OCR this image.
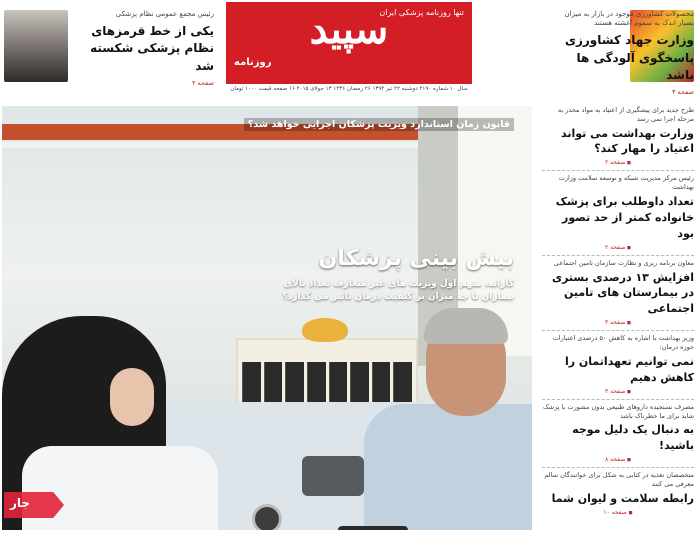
محصولات کشاورزی موجود در بازار به میزان بسیار اندک به سموم آغشته هستند
وزارت جهاد کشاورزی پاسخگوی آلودگی ها باشد
صفحه ۳
تنها روزنامه پزشکی ایران
سپید
روزنامه
سال ۱۰ شماره ۲۱۹۰ دوشنبه ۲۲ تیر ۱۳۹۴ ۲۶ رمضان ۱۴۳۶ ۱۳ جولای ۲۰۱۵ ۱۶ صفحه قیمت ۱۰۰۰ تومان
رئیس مجمع عمومی نظام پزشکی
یکی از خط قرمزهای نظام پزشکی شکسته شد
صفحه ۴
قانون زمان استاندارد ویزیت پزشکان اجرایی خواهد شد؟
بیش بینی پزشکان
کارانه، متهم اول ویزیت های غیر متعارف تعداد بالای بیماران تا چه میزان بر کیفیت درمان تاثیر می گذارد؟
جار
طرح جدید برای پیشگیری از اعتیاد به مواد مخدر به مرحله اجرا نمی رسد
وزارت بهداشت می تواند اعتیاد را مهار کند؟
◼ صفحه ۲
رئیس مرکز مدیریت شبکه و توسعه سلامت وزارت بهداشت
تعداد داوطلب برای پزشک خانواده کمتر از حد تصور بود
◼ صفحه ۲
معاون برنامه ریزی و نظارت سازمان تامین اجتماعی
افزایش ۱۳ درصدی بستری در بیمارستان های تامین اجتماعی
◼ صفحه ۳
وزیر بهداشت با اشاره به کاهش ۵۰ درصدی اعتبارات حوزه درمان:
نمی توانیم تعهداتمان را کاهش دهیم
◼ صفحه ۳
مصرف نسنجیده داروهای طبیعی بدون مشورت با پزشک شاید برای ما خطرناک باشد
به دنبال یک دلیل موجه باشید!
◼ صفحه ۸
متخصصان تغذیه در کتابی به شکل برای خوانندگان سالم معرفی می کنند
رابطه سلامت و لیوان شما
◼ صفحه ۱۰
